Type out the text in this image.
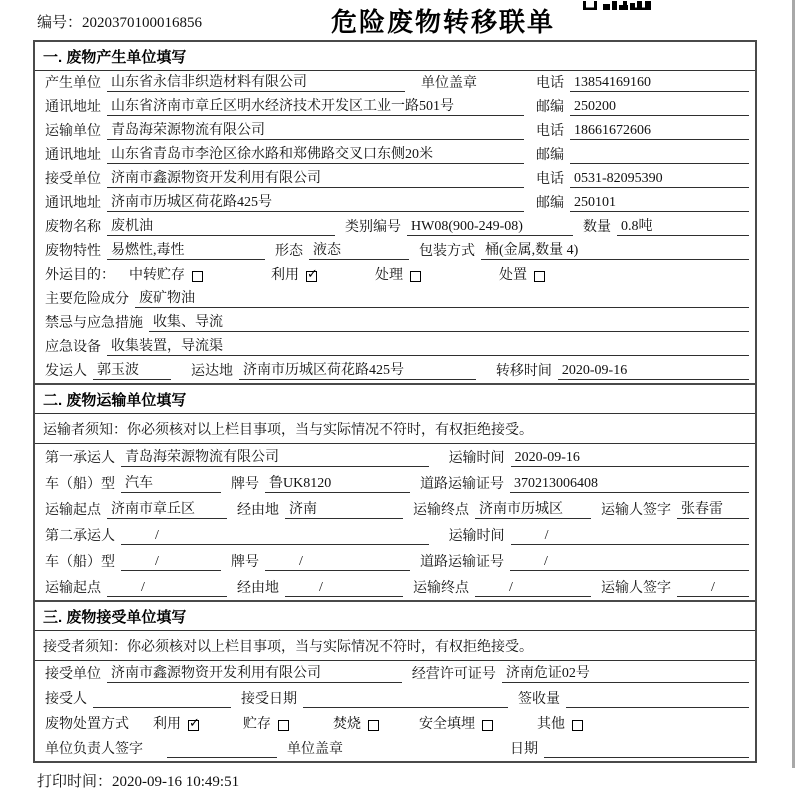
编号：2020370100016856	危险废物转移联单
一. 废物产生单位填写
产生单位 山东省永信非织造材料有限公司	单位盖章	电话 13854169160
通讯地址 山东省济南市章丘区明水经济技术开发区工业一路501号	邮编 250200
运输单位 青岛海荣源物流有限公司	电话 18661672606
通讯地址 山东省青岛市李沧区徐水路和郑佛路交叉口东侧20米	邮编
接受单位 济南市鑫源物资开发利用有限公司	电话 0531-82095390
通讯地址 济南市历城区荷花路425号	邮编 250101
废物名称 废机油	类别编号 HW08(900-249-08)	数量 0.8吨
废物特性 易燃性,毒性	形态 液态	包装方式 桶(金属,数量 4)
外运目的：	中转贮存	利用 ✓	处理	处置
主要危险成分 废矿物油
禁忌与应急措施 收集、导流
应急设备 收集装置，导流渠
发运人 郭玉波	运达地 济南市历城区荷花路425号	转移时间 2020-09-16
二. 废物运输单位填写
运输者须知：你必须核对以上栏目事项，当与实际情况不符时，有权拒绝接受。
第一承运人 青岛海荣源物流有限公司	运输时间 2020-09-16
车（船）型 汽车	牌号 鲁UK8120	道路运输证号 370213006408
运输起点 济南市章丘区	经由地 济南	运输终点 济南市历城区	运输人签字 张春雷
第二承运人	/	运输时间	/
车（船）型	/	牌号	/	道路运输证号	/
运输起点	/	经由地	/	运输终点	/	运输人签字	/
三. 废物接受单位填写
接受者须知：你必须核对以上栏目事项，当与实际情况不符时，有权拒绝接受。
接受单位 济南市鑫源物资开发利用有限公司	经营许可证号 济南危证02号
接受人	接受日期	签收量
废物处置方式	利用 ✓	贮存	焚烧	安全填埋	其他
单位负责人签字	单位盖章	日期
打印时间：2020-09-16 10:49:51
